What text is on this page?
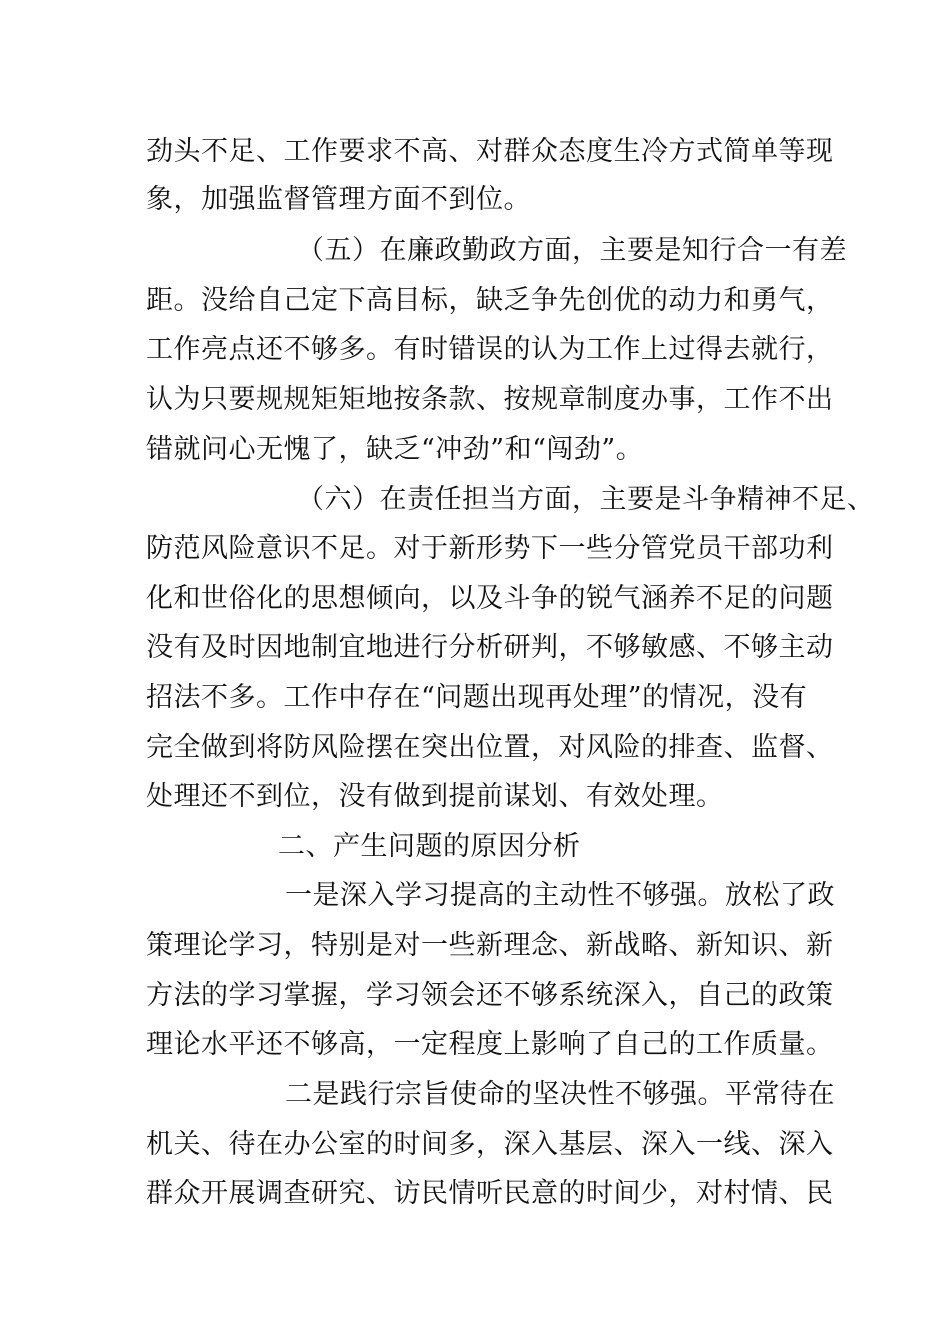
劲头不足、工作要求不高、对群众态度生冷方式简单等现
象，加强监督管理方面不到位。
（五）在廉政勤政方面，主要是知行合一有差
距。没给自己定下高目标，缺乏争先创优的动力和勇气，
工作亮点还不够多。有时错误的认为工作上过得去就行，
认为只要规规矩矩地按条款、按规章制度办事，工作不出
错就问心无愧了，缺乏“冲劲”和“闯劲”。
（六）在责任担当方面，主要是斗争精神不足、
防范风险意识不足。对于新形势下一些分管党员干部功利
化和世俗化的思想倾向，以及斗争的锐气涵养不足的问题
没有及时因地制宜地进行分析研判，不够敏感、不够主动
招法不多。工作中存在“问题出现再处理”的情况，没有
完全做到将防风险摆在突出位置，对风险的排查、监督、
处理还不到位，没有做到提前谋划、有效处理。
二、产生问题的原因分析
一是深入学习提高的主动性不够强。放松了政
策理论学习，特别是对一些新理念、新战略、新知识、新
方法的学习掌握，学习领会还不够系统深入，自己的政策
理论水平还不够高，一定程度上影响了自己的工作质量。
二是践行宗旨使命的坚决性不够强。平常待在
机关、待在办公室的时间多，深入基层、深入一线、深入
群众开展调查研究、访民情听民意的时间少，对村情、民
